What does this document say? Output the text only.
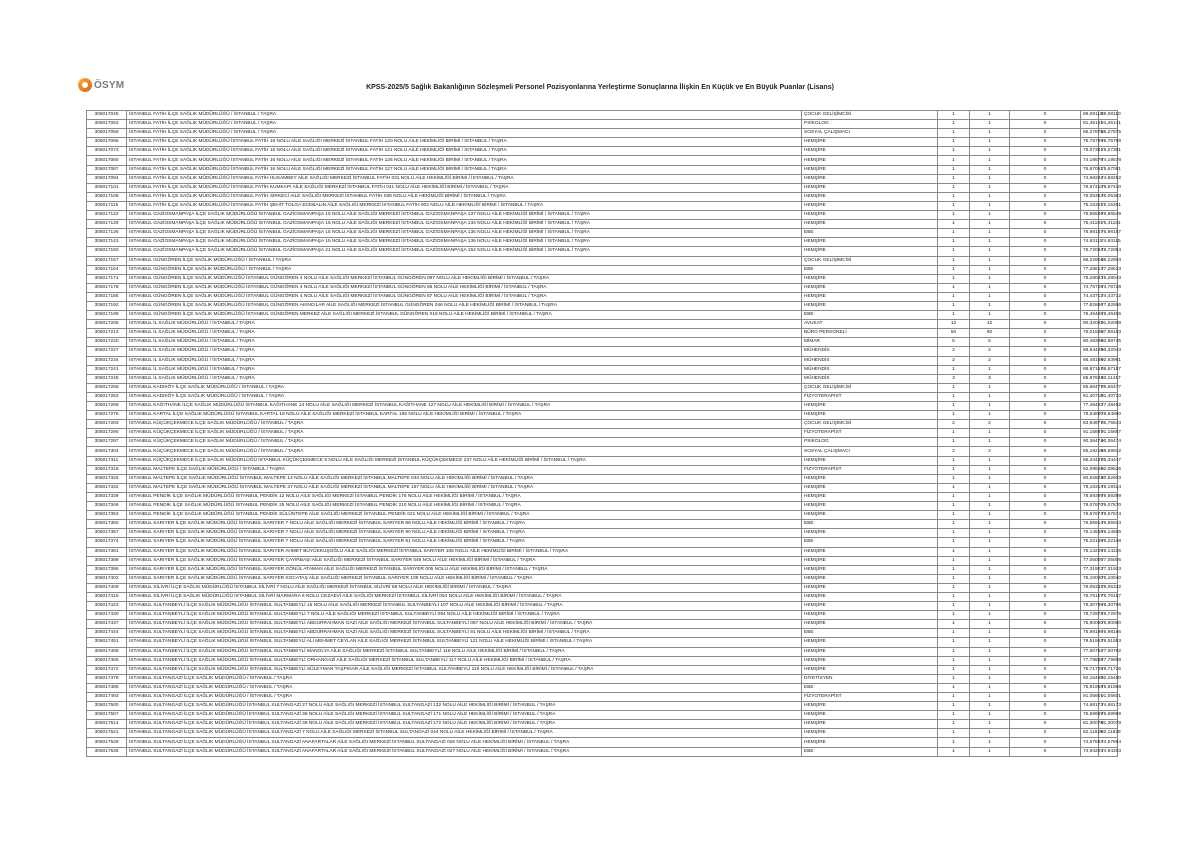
ÖSYM	KPSS-2025/5 Sağlık Bakanlığının Sözleşmeli Personel Pozisyonlarına Yerleştirme Sonuçlarına İlişkin En Küçük ve En Büyük Puanlar (Lisans)
305017045	İSTANBUL FATİH İLÇE SAĞLIK MÜDÜRLÜĞÜ / İSTANBUL / TAŞRA	ÇOCUK GELİŞİMCİSİ	1	1	0	89,08110	89,08110
305017052	İSTANBUL FATİH İLÇE SAĞLIK MÜDÜRLÜĞÜ / İSTANBUL / TAŞRA	PSİKOLOG	1	1	0	91,45141	91,45141
305017059	İSTANBUL FATİH İLÇE SAĞLIK MÜDÜRLÜĞÜ / İSTANBUL / TAŞRA	SOSYAL ÇALIŞMACI	1	1	0	85,27875	85,27875
305017066	İSTANBUL FATİH İLÇE SAĞLIK MÜDÜRLÜĞÜ İSTANBUL FATİH 16 NOLU AİLE SAĞLIĞI MERKEZİ İSTANBUL FATİH 120 NOLU AİLE HEKİMLİĞİ BİRİMİ / İSTANBUL / TAŞRA	HEMŞİRE	1	1	0	76,75799	76,75799
305017073	İSTANBUL FATİH İLÇE SAĞLIK MÜDÜRLÜĞÜ İSTANBUL FATİH 16 NOLU AİLE SAĞLIĞI MERKEZİ İSTANBUL FATİH 121 NOLU AİLE HEKİMLİĞİ BİRİMİ / İSTANBUL / TAŞRA	HEMŞİRE	1	1	0	75,07381	75,07381
305017080	İSTANBUL FATİH İLÇE SAĞLIK MÜDÜRLÜĞÜ İSTANBUL FATİH 16 NOLU AİLE SAĞLIĞI MERKEZİ İSTANBUL FATİH 126 NOLU AİLE HEKİMLİĞİ BİRİMİ / İSTANBUL / TAŞRA	HEMŞİRE	1	1	0	74,19578	74,19578
305017087	İSTANBUL FATİH İLÇE SAĞLIK MÜDÜRLÜĞÜ İSTANBUL FATİH 16 NOLU AİLE SAĞLIĞI MERKEZİ İSTANBUL FATİH 127 NOLU AİLE HEKİMLİĞİ BİRİMİ / İSTANBUL / TAŞRA	HEMŞİRE	1	1	0	75,67051	75,67051
305017094	İSTANBUL FATİH İLÇE SAĞLIK MÜDÜRLÜĞÜ İSTANBUL FATİH HUSAMBEY AİLE SAĞLIĞI MERKEZİ İSTANBUL FATİH 031 NOLU AİLE HEKİMLİĞİ BİRİMİ / İSTANBUL / TAŞRA	HEMŞİRE	1	1	0	74,68292	74,68292
305017101	İSTANBUL FATİH İLÇE SAĞLIK MÜDÜRLÜĞÜ İSTANBUL FATİH KUMKAPI AİLE SAĞLIĞI MERKEZİ İSTANBUL FATİH 041 NOLU AİLE HEKİMLİĞİ BİRİMİ / İSTANBUL / TAŞRA	HEMŞİRE	1	1	0	78,67410	78,67410
305017108	İSTANBUL FATİH İLÇE SAĞLIK MÜDÜRLÜĞÜ İSTANBUL FATİH SİRKECİ AİLE SAĞLIĞI MERKEZİ İSTANBUL FATİH 038 NOLU AİLE HEKİMLİĞİ BİRİMİ / İSTANBUL / TAŞRA	HEMŞİRE	1	1	0	76,05363	76,05363
305017115	İSTANBUL FATİH İLÇE SAĞLIK MÜDÜRLÜĞÜ İSTANBUL FATİH ŞEHİT TOLGA ECEBALIN AİLE SAĞLIĞI MERKEZİ İSTANBUL FATİH 002 NOLU AİLE HEKİMLİĞİ BİRİMİ / İSTANBUL / TAŞRA	HEMŞİRE	1	1	0	75,15351	75,15351
305017122	İSTANBUL GAZİOSMANPAŞA İLÇE SAĞLIK MÜDÜRLÜĞÜ İSTANBUL GAZİOSMANPAŞA 15 NOLU AİLE SAĞLIĞI MERKEZİ İSTANBUL GAZİOSMANPAŞA 137 NOLU AİLE HEKİMLİĞİ BİRİMİ / İSTANBUL / TAŞRA	HEMŞİRE	1	1	0	76,96549	76,96549
305017129	İSTANBUL GAZİOSMANPAŞA İLÇE SAĞLIK MÜDÜRLÜĞÜ İSTANBUL GAZİOSMANPAŞA 15 NOLU AİLE SAĞLIĞI MERKEZİ İSTANBUL GAZİOSMANPAŞA 134 NOLU AİLE HEKİMLİĞİ BİRİMİ / İSTANBUL / TAŞRA	HEMŞİRE	1	1	0	75,41181	75,41181
305017136	İSTANBUL GAZİOSMANPAŞA İLÇE SAĞLIK MÜDÜRLÜĞÜ İSTANBUL GAZİOSMANPAŞA 15 NOLU AİLE SAĞLIĞI MERKEZİ İSTANBUL GAZİOSMANPAŞA 135 NOLU AİLE HEKİMLİĞİ BİRİMİ / İSTANBUL / TAŞRA	EBE	1	1	0	76,98157	76,98157
305017143	İSTANBUL GAZİOSMANPAŞA İLÇE SAĞLIK MÜDÜRLÜĞÜ İSTANBUL GAZİOSMANPAŞA 15 NOLU AİLE SAĞLIĞI MERKEZİ İSTANBUL GAZİOSMANPAŞA 136 NOLU AİLE HEKİMLİĞİ BİRİMİ / İSTANBUL / TAŞRA	HEMŞİRE	1	1	0	74,93115	74,93115
305017150	İSTANBUL GAZİOSMANPAŞA İLÇE SAĞLIK MÜDÜRLÜĞÜ İSTANBUL GAZİOSMANPAŞA 21 NOLU AİLE SAĞLIĞI MERKEZİ İSTANBUL GAZİOSMANPAŞA 152 NOLU AİLE HEKİMLİĞİ BİRİMİ / İSTANBUL / TAŞRA	HEMŞİRE	1	1	0	78,72094	78,72094
305017157	İSTANBUL GÜNGÖREN İLÇE SAĞLIK MÜDÜRLÜĞÜ / İSTANBUL / TAŞRA	ÇOCUK GELİŞİMCİSİ	1	1	0	86,22804	86,22804
305017164	İSTANBUL GÜNGÖREN İLÇE SAĞLIK MÜDÜRLÜĞÜ / İSTANBUL / TAŞRA	EBE	1	1	0	77,28613	77,28613
305017171	İSTANBUL GÜNGÖREN İLÇE SAĞLIK MÜDÜRLÜĞÜ İSTANBUL GÜNGÖREN 4 NOLU AİLE SAĞLIĞI MERKEZİ İSTANBUL GÜNGÖREN 097 NOLU AİLE HEKİMLİĞİ BİRİMİ / İSTANBUL / TAŞRA	HEMŞİRE	1	1	0	75,28043	75,28043
305017178	İSTANBUL GÜNGÖREN İLÇE SAĞLIK MÜDÜRLÜĞÜ İSTANBUL GÜNGÖREN 4 NOLU AİLE SAĞLIĞI MERKEZİ İSTANBUL GÜNGÖREN 86 NOLU AİLE HEKİMLİĞİ BİRİMİ / İSTANBUL / TAŞRA	HEMŞİRE	1	1	0	74,76728	74,76728
305017185	İSTANBUL GÜNGÖREN İLÇE SAĞLIK MÜDÜRLÜĞÜ İSTANBUL GÜNGÖREN 4 NOLU AİLE SAĞLIĞI MERKEZİ İSTANBUL GÜNGÖREN 87 NOLU AİLE HEKİMLİĞİ BİRİMİ / İSTANBUL / TAŞRA	HEMŞİRE	1	1	0	74,43712	74,43712
305017192	İSTANBUL GÜNGÖREN İLÇE SAĞLIK MÜDÜRLÜĞÜ İSTANBUL GÜNGÖREN AKINCILAR AİLE SAĞLIĞI MERKEZİ İSTANBUL GÜNGÖREN 046 NOLU AİLE HEKİMLİĞİ BİRİMİ / İSTANBUL / TAŞRA	HEMŞİRE	1	1	0	77,82886	77,82886
305017199	İSTANBUL GÜNGÖREN İLÇE SAĞLIK MÜDÜRLÜĞÜ İSTANBUL GÜNGÖREN MERKEZ AİLE SAĞLIĞI MERKEZİ İSTANBUL GÜNGÖREN 018 NOLU AİLE HEKİMLİĞİ BİRİMİ / İSTANBUL / TAŞRA	EBE	1	1	0	76,46465	76,46465
305017206	İSTANBUL İL SAĞLIK MÜDÜRLÜĞÜ / İSTANBUL / TAŞRA	AVUKAT	12	12	0	90,32043	91,02008
305017213	İSTANBUL İL SAĞLIK MÜDÜRLÜĞÜ / İSTANBUL / TAŞRA	BÜRO PERSONELİ	50	50	0	76,01520	87,98153
305017220	İSTANBUL İL SAĞLIK MÜDÜRLÜĞÜ / İSTANBUL / TAŞRA	MİMAR	5	5	0	90,48308	93,88745
305017227	İSTANBUL İL SAĞLIK MÜDÜRLÜĞÜ / İSTANBUL / TAŞRA	MÜHENDİS	2	2	0	88,64428	90,32043
305017234	İSTANBUL İL SAĞLIK MÜDÜRLÜĞÜ / İSTANBUL / TAŞRA	MÜHENDİS	2	2	0	86,48188	92,63961
305017241	İSTANBUL İL SAĞLIK MÜDÜRLÜĞÜ / İSTANBUL / TAŞRA	MÜHENDİS	1	1	0	88,87157	88,87157
305017248	İSTANBUL İL SAĞLIK MÜDÜRLÜĞÜ / İSTANBUL / TAŞRA	MÜHENDİS	3	3	0	85,87633	92,11417
305017255	İSTANBUL KADIKÖY İLÇE SAĞLIK MÜDÜRLÜĞÜ / İSTANBUL / TAŞRA	ÇOCUK GELİŞİMCİSİ	1	1	0	85,66477	85,66477
305017262	İSTANBUL KADIKÖY İLÇE SAĞLIK MÜDÜRLÜĞÜ / İSTANBUL / TAŞRA	FİZYOTERAPİST	1	1	0	91,40710	91,40710
305017269	İSTANBUL KAĞITHANE İLÇE SAĞLIK MÜDÜRLÜĞÜ İSTANBUL KAĞITHANE 14 NOLU AİLE SAĞLIĞI MERKEZİ İSTANBUL KAĞITHANE 127 NOLU AİLE HEKİMLİĞİ BİRİMİ / İSTANBUL / TAŞRA	HEMŞİRE	1	1	0	77,48492	77,48492
305017276	İSTANBUL KARTAL İLÇE SAĞLIK MÜDÜRLÜĞÜ İSTANBUL KARTAL 18 NOLU AİLE SAĞLIĞI MERKEZİ İSTANBUL KARTAL 165 NOLU AİLE HEKİMLİĞİ BİRİMİ / İSTANBUL / TAŞRA	HEMŞİRE	1	1	0	78,54890	78,54890
305017283	İSTANBUL KÜÇÜKÇEKMECE İLÇE SAĞLIK MÜDÜRLÜĞÜ / İSTANBUL / TAŞRA	ÇOCUK GELİŞİMCİSİ	2	2	0	83,94877	86,75543
305017290	İSTANBUL KÜÇÜKÇEKMECE İLÇE SAĞLIK MÜDÜRLÜĞÜ / İSTANBUL / TAŞRA	FİZYOTERAPİST	1	1	0	91,15887	91,15887
305017297	İSTANBUL KÜÇÜKÇEKMECE İLÇE SAĞLIK MÜDÜRLÜĞÜ / İSTANBUL / TAŞRA	PSİKOLOG	1	1	0	90,36474	90,36474
305017304	İSTANBUL KÜÇÜKÇEKMECE İLÇE SAĞLIK MÜDÜRLÜĞÜ / İSTANBUL / TAŞRA	SOSYAL ÇALIŞMACI	2	2	0	85,19216	85,59912
305017311	İSTANBUL KÜÇÜKÇEKMECE İLÇE SAĞLIK MÜDÜRLÜĞÜ İSTANBUL KÜÇÜKÇEKMECE 9 NOLU AİLE SAĞLIĞI MERKEZİ İSTANBUL KÜÇÜKÇEKMECE 237 NOLU AİLE HEKİMLİĞİ BİRİMİ / İSTANBUL / TAŞRA	HEMŞİRE	1	1	0	85,34447	85,34447
305017318	İSTANBUL MALTEPE İLÇE SAĞLIK MÜDÜRLÜĞÜ / İSTANBUL / TAŞRA	FİZYOTERAPİST	1	1	0	92,09526	92,09526
305017325	İSTANBUL MALTEPE İLÇE SAĞLIK MÜDÜRLÜĞÜ İSTANBUL MALTEPE 14 NOLU AİLE SAĞLIĞI MERKEZİ İSTANBUL MALTEPE 034 NOLU AİLE HEKİMLİĞİ BİRİMİ / İSTANBUL / TAŞRA	HEMŞİRE	1	1	0	80,52603	80,52603
305017332	İSTANBUL MALTEPE İLÇE SAĞLIK MÜDÜRLÜĞÜ İSTANBUL MALTEPE 37 NOLU AİLE SAĞLIĞI MERKEZİ İSTANBUL MALTEPE 157 NOLU AİLE HEKİMLİĞİ BİRİMİ / İSTANBUL / TAŞRA	HEMŞİRE	1	1	0	78,19314	78,19314
305017339	İSTANBUL PENDİK İLÇE SAĞLIK MÜDÜRLÜĞÜ İSTANBUL PENDİK 12 NOLU AİLE SAĞLIĞI MERKEZİ İSTANBUL PENDİK 176 NOLU AİLE HEKİMLİĞİ BİRİMİ / İSTANBUL / TAŞRA	HEMŞİRE	1	1	0	78,69399	78,69399
305017346	İSTANBUL PENDİK İLÇE SAĞLIK MÜDÜRLÜĞÜ İSTANBUL PENDİK 25 NOLU AİLE SAĞLIĞI MERKEZİ İSTANBUL PENDİK 210 NOLU AİLE HEKİMLİĞİ BİRİMİ / İSTANBUL / TAŞRA	HEMŞİRE	1	1	0	79,07670	79,07670
305017353	İSTANBUL PENDİK İLÇE SAĞLIK MÜDÜRLÜĞÜ İSTANBUL PENDİK SÜLÜNTEPE AİLE SAĞLIĞI MERKEZİ İSTANBUL PENDİK 021 NOLU AİLE HEKİMLİĞİ BİRİMİ / İSTANBUL / TAŞRA	HEMŞİRE	1	1	0	79,57674	79,57674
305017360	İSTANBUL SARIYER İLÇE SAĞLIK MÜDÜRLÜĞÜ İSTANBUL SARIYER 7 NOLU AİLE SAĞLIĞI MERKEZİ İSTANBUL SARIYER 88 NOLU AİLE HEKİMLİĞİ BİRİMİ / İSTANBUL / TAŞRA	EBE	1	1	0	76,55914	76,55914
305017367	İSTANBUL SARIYER İLÇE SAĞLIK MÜDÜRLÜĞÜ İSTANBUL SARIYER 7 NOLU AİLE SAĞLIĞI MERKEZİ İSTANBUL SARIYER 90 NOLU AİLE HEKİMLİĞİ BİRİMİ / İSTANBUL / TAŞRA	HEMŞİRE	1	1	0	76,14556	76,14556
305017374	İSTANBUL SARIYER İLÇE SAĞLIK MÜDÜRLÜĞÜ İSTANBUL SARIYER 7 NOLU AİLE SAĞLIĞI MERKEZİ İSTANBUL SARIYER 91 NOLU AİLE HEKİMLİĞİ BİRİMİ / İSTANBUL / TAŞRA	EBE	1	1	0	76,22168	76,22168
305017381	İSTANBUL SARIYER İLÇE SAĞLIK MÜDÜRLÜĞÜ İSTANBUL SARIYER AHMET BÜYÜKKUŞOĞLU AİLE SAĞLIĞI MERKEZİ İSTANBUL SARIYER 105 NOLU AİLE HEKİMLİĞİ BİRİMİ / İSTANBUL / TAŞRA	HEMŞİRE	1	1	0	76,14225	76,14225
305017388	İSTANBUL SARIYER İLÇE SAĞLIK MÜDÜRLÜĞÜ İSTANBUL SARIYER ÇAYIRBAŞI AİLE SAĞLIĞI MERKEZİ İSTANBUL SARIYER 049 NOLU AİLE HEKİMLİĞİ BİRİMİ / İSTANBUL / TAŞRA	HEMŞİRE	1	1	0	77,05006	77,05006
305017395	İSTANBUL SARIYER İLÇE SAĞLIK MÜDÜRLÜĞÜ İSTANBUL SARIYER GÖNÜL ATAMAN AİLE SAĞLIĞI MERKEZİ İSTANBUL SARIYER 005 NOLU AİLE HEKİMLİĞİ BİRİMİ / İSTANBUL / TAŞRA	HEMŞİRE	1	1	0	77,31923	77,31923
305017402	İSTANBUL SARIYER İLÇE SAĞLIK MÜDÜRLÜĞÜ İSTANBUL SARIYER KOCATAŞ AİLE SAĞLIĞI MERKEZİ İSTANBUL SARIYER 109 NOLU AİLE HEKİMLİĞİ BİRİMİ / İSTANBUL / TAŞRA	HEMŞİRE	1	1	0	75,10040	75,10040
305017409	İSTANBUL SİLİVRİ İLÇE SAĞLIK MÜDÜRLÜĞÜ İSTANBUL SİLİVRİ 7 NOLU AİLE SAĞLIĞI MERKEZİ İSTANBUL SİLİVRİ 59 NOLU AİLE HEKİMLİĞİ BİRİMİ / İSTANBUL / TAŞRA	HEMŞİRE	1	1	0	78,05332	78,05332
305017416	İSTANBUL SİLİVRİ İLÇE SAĞLIK MÜDÜRLÜĞÜ İSTANBUL SİLİVRİ MARMARA 6 NOLU CEZAEVİ AİLE SAĞLIĞI MERKEZİ İSTANBUL SİLİVRİ 064 NOLU AİLE HEKİMLİĞİ BİRİMİ / İSTANBUL / TAŞRA	HEMŞİRE	1	1	0	76,76157	76,76157
305017423	İSTANBUL SULTANBEYLİ İLÇE SAĞLIK MÜDÜRLÜĞÜ İSTANBUL SULTANBEYLİ 15 NOLU AİLE SAĞLIĞI MERKEZİ İSTANBUL SULTANBEYLİ 107 NOLU AİLE HEKİMLİĞİ BİRİMİ / İSTANBUL / TAŞRA	HEMŞİRE	1	1	0	78,30796	78,30796
305017430	İSTANBUL SULTANBEYLİ İLÇE SAĞLIK MÜDÜRLÜĞÜ İSTANBUL SULTANBEYLİ 7 NOLU AİLE SAĞLIĞI MERKEZİ İSTANBUL SULTANBEYLİ 094 NOLU AİLE HEKİMLİĞİ BİRİMİ / İSTANBUL / TAŞRA	HEMŞİRE	1	1	0	78,72976	78,72976
305017437	İSTANBUL SULTANBEYLİ İLÇE SAĞLIK MÜDÜRLÜĞÜ İSTANBUL SULTANBEYLİ ABDURRAHMAN GAZİ AİLE SAĞLIĞI MERKEZİ İSTANBUL SULTANBEYLİ 067 NOLU AİLE HEKİMLİĞİ BİRİMİ / İSTANBUL / TAŞRA	HEMŞİRE	1	1	0	75,90050	75,90050
305017444	İSTANBUL SULTANBEYLİ İLÇE SAĞLIK MÜDÜRLÜĞÜ İSTANBUL SULTANBEYLİ ABDURRAHMAN GAZİ AİLE SAĞLIĞI MERKEZİ İSTANBUL SULTANBEYLİ 91 NOLU AİLE HEKİMLİĞİ BİRİMİ / İSTANBUL / TAŞRA	EBE	1	1	0	75,98196	75,98196
305017451	İSTANBUL SULTANBEYLİ İLÇE SAĞLIK MÜDÜRLÜĞÜ İSTANBUL SULTANBEYLİ ALİ MEHMET CEYLAN AİLE SAĞLIĞI MERKEZİ İSTANBUL SULTANBEYLİ 121 NOLU AİLE HEKİMLİĞİ BİRİMİ / İSTANBUL / TAŞRA	HEMŞİRE	1	1	0	79,51953	79,51953
305017458	İSTANBUL SULTANBEYLİ İLÇE SAĞLIK MÜDÜRLÜĞÜ İSTANBUL SULTANBEYLİ MANOLYA AİLE SAĞLIĞI MERKEZİ İSTANBUL SULTANBEYLİ 118 NOLU AİLE HEKİMLİĞİ BİRİMİ / İSTANBUL / TAŞRA	HEMŞİRE	1	1	0	77,00792	77,00792
305017465	İSTANBUL SULTANBEYLİ İLÇE SAĞLIK MÜDÜRLÜĞÜ İSTANBUL SULTANBEYLİ ORHANGAZİ AİLE SAĞLIĞI MERKEZİ İSTANBUL SULTANBEYLİ 117 NOLU AİLE HEKİMLİĞİ BİRİMİ / İSTANBUL / TAŞRA	HEMŞİRE	1	1	0	77,79888	77,79888
305017472	İSTANBUL SULTANBEYLİ İLÇE SAĞLIK MÜDÜRLÜĞÜ İSTANBUL SULTANBEYLİ SÜLEYMAN TAŞPINAR AİLE SAĞLIĞI MERKEZİ İSTANBUL SULTANBEYLİ 119 NOLU AİLE HEKİMLİĞİ BİRİMİ / İSTANBUL / TAŞRA	HEMŞİRE	1	1	0	76,71726	76,71726
305017479	İSTANBUL SULTANGAZİ İLÇE SAĞLIK MÜDÜRLÜĞÜ / İSTANBUL / TAŞRA	DİYETİSYEN	1	1	0	92,15450	92,15450
305017486	İSTANBUL SULTANGAZİ İLÇE SAĞLIK MÜDÜRLÜĞÜ / İSTANBUL / TAŞRA	EBE	1	1	0	75,81958	75,81958
305017493	İSTANBUL SULTANGAZİ İLÇE SAĞLIK MÜDÜRLÜĞÜ / İSTANBUL / TAŞRA	FİZYOTERAPİST	1	1	0	91,05601	91,05601
305017500	İSTANBUL SULTANGAZİ İLÇE SAĞLIK MÜDÜRLÜĞÜ İSTANBUL SULTANGAZİ 27 NOLU AİLE SAĞLIĞI MERKEZİ İSTANBUL SULTANGAZİ 132 NOLU AİLE HEKİMLİĞİ BİRİMİ / İSTANBUL / TAŞRA	HEMŞİRE	1	1	0	74,68173	74,68173
305017507	İSTANBUL SULTANGAZİ İLÇE SAĞLIK MÜDÜRLÜĞÜ İSTANBUL SULTANGAZİ 38 NOLU AİLE SAĞLIĞI MERKEZİ İSTANBUL SULTANGAZİ 171 NOLU AİLE HEKİMLİĞİ BİRİMİ / İSTANBUL / TAŞRA	HEMŞİRE	1	1	0	75,69989	75,69989
305017514	İSTANBUL SULTANGAZİ İLÇE SAĞLIK MÜDÜRLÜĞÜ İSTANBUL SULTANGAZİ 38 NOLU AİLE SAĞLIĞI MERKEZİ İSTANBUL SULTANGAZİ 172 NOLU AİLE HEKİMLİĞİ BİRİMİ / İSTANBUL / TAŞRA	HEMŞİRE	1	1	0	81,30078	81,30078
305017521	İSTANBUL SULTANGAZİ İLÇE SAĞLIK MÜDÜRLÜĞÜ İSTANBUL SULTANGAZİ 7 NOLU AİLE SAĞLIĞI MERKEZİ İSTANBUL SULTANGAZİ 044 NOLU AİLE HEKİMLİĞİ BİRİMİ / İSTANBUL / TAŞRA	HEMŞİRE	1	1	0	82,11828	82,11828
305017528	İSTANBUL SULTANGAZİ İLÇE SAĞLIK MÜDÜRLÜĞÜ İSTANBUL SULTANGAZİ ANAFARTALAR AİLE SAĞLIĞI MERKEZİ İSTANBUL SULTANGAZİ 026 NOLU AİLE HEKİMLİĞİ BİRİMİ / İSTANBUL / TAŞRA	HEMŞİRE	1	1	0	74,57694	74,57694
305017535	İSTANBUL SULTANGAZİ İLÇE SAĞLIK MÜDÜRLÜĞÜ İSTANBUL SULTANGAZİ ANAFARTALAR AİLE SAĞLIĞI MERKEZİ İSTANBUL SULTANGAZİ 027 NOLU AİLE HEKİMLİĞİ BİRİMİ / İSTANBUL / TAŞRA	EBE	1	1	0	74,94203	74,94203
